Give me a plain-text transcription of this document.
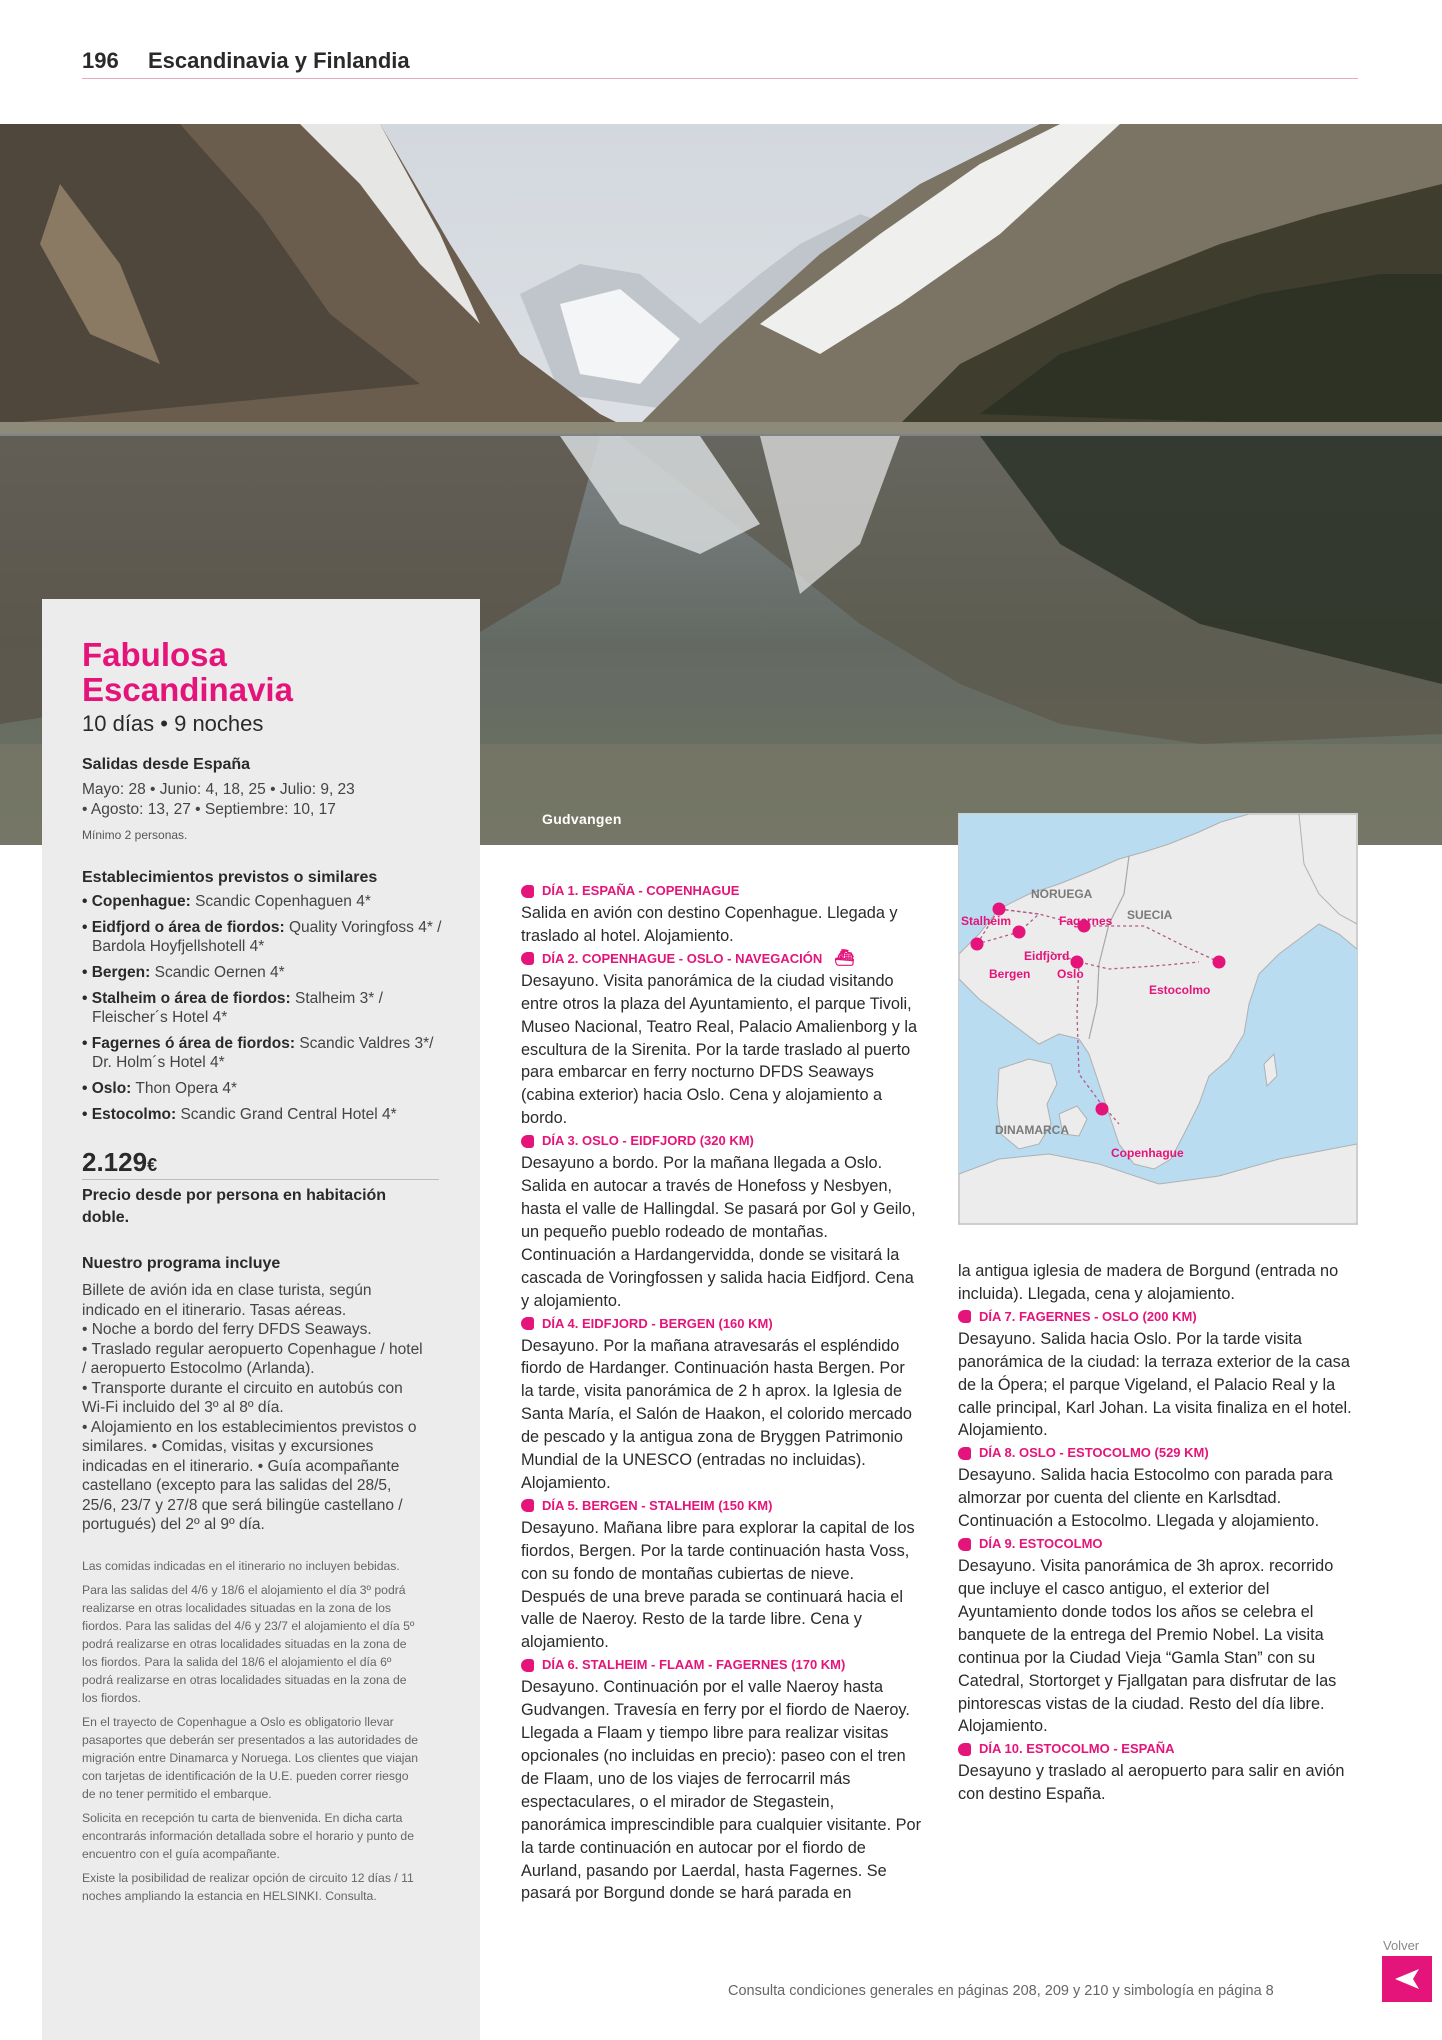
196 Escandinavia y Finlandia
Gudvangen
Fabulosa
Escandinavia
10 días • 9 noches
Salidas desde España
Mayo: 28 • Junio: 4, 18, 25 • Julio: 9, 23
• Agosto: 13, 27 • Septiembre: 10, 17
Mínimo 2 personas.
Establecimientos previstos o similares
• Copenhague: Scandic Copenhaguen 4*
• Eidfjord o área de fiordos: Quality Voringfoss 4* / Bardola Hoyfjellshotell 4*
• Bergen: Scandic Oernen 4*
• Stalheim o área de fiordos: Stalheim 3* / Fleischer´s Hotel 4*
• Fagernes ó área de fiordos: Scandic Valdres 3*/ Dr. Holm´s Hotel 4*
• Oslo: Thon Opera 4*
• Estocolmo: Scandic Grand Central Hotel 4*
2.129€
Precio desde por persona en habitación doble.
Nuestro programa incluye

Billete de avión ida en clase turista, según indicado en el itinerario. Tasas aéreas.

• Noche a bordo del ferry DFDS Seaways.

• Traslado regular aeropuerto Copenhague / hotel / aeropuerto Estocolmo (Arlanda).

• Transporte durante el circuito en autobús con Wi-Fi incluido del 3º al 8º día.

• Alojamiento en los establecimientos previstos o similares. • Comidas, visitas y excursiones indicadas en el itinerario. • Guía acompañante castellano (excepto para las salidas del 28/5, 25/6, 23/7 y 27/8 que será bilingüe castellano / portugués) del 2º al 9º día.

Las comidas indicadas en el itinerario no incluyen bebidas.

Para las salidas del 4/6 y 18/6 el alojamiento el día 3º podrá realizarse en otras localidades situadas en la zona de los fiordos. Para las salidas del 4/6 y 23/7 el alojamiento el día 5º podrá realizarse en otras localidades situadas en la zona de los fiordos. Para la salida del 18/6 el alojamiento el día 6º podrá realizarse en otras localidades situadas en la zona de los fiordos.

En el trayecto de Copenhague a Oslo es obligatorio llevar pasaportes que deberán ser presentados a las autoridades de migración entre Dinamarca y Noruega. Los clientes que viajan con tarjetas de identificación de la U.E. pueden correr riesgo de no tener permitido el embarque.

Solicita en recepción tu carta de bienvenida. En dicha carta encontrarás información detallada sobre el horario y punto de encuentro con el guía acompañante.

Existe la posibilidad de realizar opción de circuito 12 días / 11 noches ampliando la estancia en HELSINKI. Consulta.

DÍA 1. ESPAÑA - COPENHAGUE

Salida en avión con destino Copenhague. Llegada y traslado al hotel. Alojamiento.

DÍA 2. COPENHAGUE - OSLO - NAVEGACIÓN ⛴

Desayuno. Visita panorámica de la ciudad visitando entre otros la plaza del Ayuntamiento, el parque Tivoli, Museo Nacional, Teatro Real, Palacio Amalienborg y la escultura de la Sirenita. Por la tarde traslado al puerto para embarcar en ferry nocturno DFDS Seaways (cabina exterior) hacia Oslo. Cena y alojamiento a bordo.

DÍA 3. OSLO - EIDFJORD (320 KM)

Desayuno a bordo. Por la mañana llegada a Oslo. Salida en autocar a través de Honefoss y Nesbyen, hasta el valle de Hallingdal. Se pasará por Gol y Geilo, un pequeño pueblo rodeado de montañas. Continuación a Hardangervidda, donde se visitará la cascada de Voringfossen y salida hacia Eidfjord. Cena y alojamiento.

DÍA 4. EIDFJORD - BERGEN (160 KM)

Desayuno. Por la mañana atravesarás el espléndido fiordo de Hardanger. Continuación hasta Bergen. Por la tarde, visita panorámica de 2 h aprox. la Iglesia de Santa María, el Salón de Haakon, el colorido mercado de pescado y la antigua zona de Bryggen Patrimonio Mundial de la UNESCO (entradas no incluidas). Alojamiento.

DÍA 5. BERGEN - STALHEIM (150 KM)

Desayuno. Mañana libre para explorar la capital de los fiordos, Bergen. Por la tarde continuación hasta Voss, con su fondo de montañas cubiertas de nieve. Después de una breve parada se continuará hacia el valle de Naeroy. Resto de la tarde libre. Cena y alojamiento.

DÍA 6. STALHEIM - FLAAM - FAGERNES (170 KM)

Desayuno. Continuación por el valle Naeroy hasta Gudvangen. Travesía en ferry por el fiordo de Naeroy. Llegada a Flaam y tiempo libre para realizar visitas opcionales (no incluidas en precio): paseo con el tren de Flaam, uno de los viajes de ferrocarril más espectaculares, o el mirador de Stegastein, panorámica imprescindible para cualquier visitante. Por la tarde continuación en autocar por el fiordo de Aurland, pasando por Laerdal, hasta Fagernes. Se pasará por Borgund donde se hará parada en

NORUEGA
SUECIA
DINAMARCA
Stalheim	Fagernes
Eidfjord
Bergen Oslo
Estocolmo
Copenhague

la antigua iglesia de madera de Borgund (entrada no incluida). Llegada, cena y alojamiento.

DÍA 7. FAGERNES - OSLO (200 KM)

Desayuno. Salida hacia Oslo. Por la tarde visita panorámica de la ciudad: la terraza exterior de la casa de la Ópera; el parque Vigeland, el Palacio Real y la calle principal, Karl Johan. La visita finaliza en el hotel. Alojamiento.

DÍA 8. OSLO - ESTOCOLMO (529 KM)

Desayuno. Salida hacia Estocolmo con parada para almorzar por cuenta del cliente en Karlsdtad. Continuación a Estocolmo. Llegada y alojamiento.

DÍA 9. ESTOCOLMO

Desayuno. Visita panorámica de 3h aprox. recorrido que incluye el casco antiguo, el exterior del Ayuntamiento donde todos los años se celebra el banquete de la entrega del Premio Nobel. La visita continua por la Ciudad Vieja “Gamla Stan” con su Catedral, Stortorget y Fjallgatan para disfrutar de las pintorescas vistas de la ciudad. Resto del día libre. Alojamiento.

DÍA 10. ESTOCOLMO - ESPAÑA

Desayuno y traslado al aeropuerto para salir en avión con destino España.

Consulta condiciones generales en páginas 208, 209 y 210 y simbología en página 8
Volver
